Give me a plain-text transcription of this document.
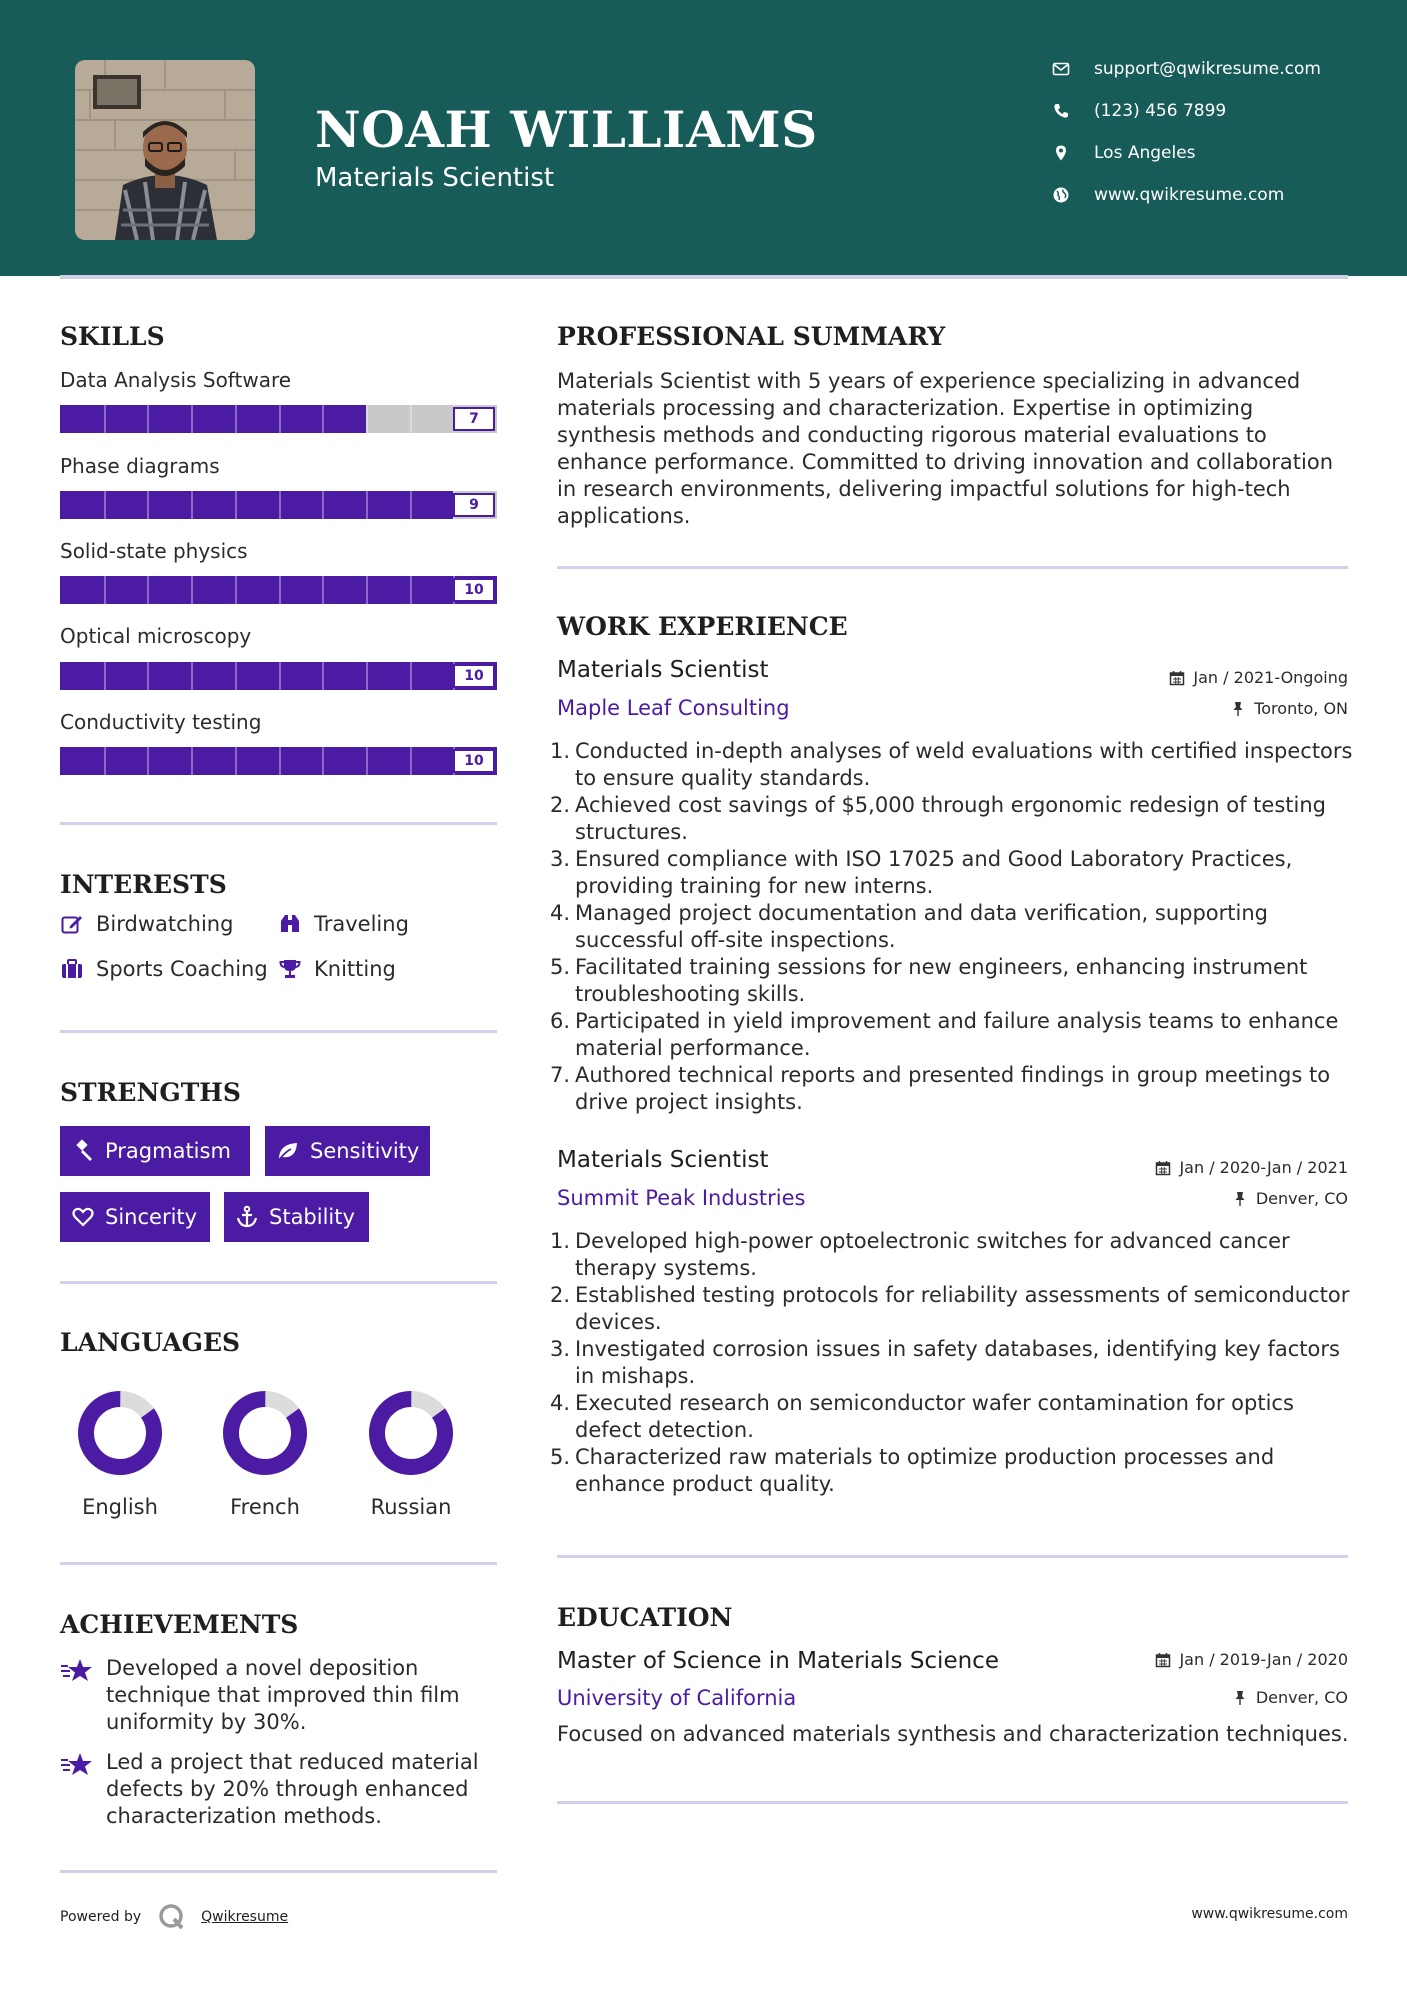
NOAH WILLIAMS
Materials Scientist
support@qwikresume.com
(123) 456 7899
Los Angeles
www.qwikresume.com
SKILLS
Data Analysis Software
7
Phase diagrams
9
Solid-state physics
10
Optical microscopy
10
Conductivity testing
10
INTERESTS
Birdwatching	Traveling
Sports Coaching Knitting
STRENGTHS
Pragmatism	Sensitivity
Sincerity	Stability
LANGUAGES
English	French	Russian
ACHIEVEMENTS
Developed a novel deposition technique that improved thin film uniformity by 30%.
Led a project that reduced material defects by 20% through enhanced characterization methods.
PROFESSIONAL SUMMARY
Materials Scientist with 5 years of experience specializing in advanced materials processing and characterization. Expertise in optimizing synthesis methods and conducting rigorous material evaluations to enhance performance. Committed to driving innovation and collaboration in research environments, delivering impactful solutions for high-tech applications.
WORK EXPERIENCE
Materials Scientist	Jan / 2021-Ongoing
Maple Leaf Consulting	Toronto, ON
1. Conducted in-depth analyses of weld evaluations with certified inspectors to ensure quality standards.
2. Achieved cost savings of $5,000 through ergonomic redesign of testing structures.
3. Ensured compliance with ISO 17025 and Good Laboratory Practices, providing training for new interns.
4. Managed project documentation and data verification, supporting successful off-site inspections.
5. Facilitated training sessions for new engineers, enhancing instrument troubleshooting skills.
6. Participated in yield improvement and failure analysis teams to enhance material performance.
7. Authored technical reports and presented findings in group meetings to drive project insights.
Materials Scientist	Jan / 2020-Jan / 2021
Summit Peak Industries	Denver, CO
1. Developed high-power optoelectronic switches for advanced cancer therapy systems.
2. Established testing protocols for reliability assessments of semiconductor devices.
3. Investigated corrosion issues in safety databases, identifying key factors in mishaps.
4. Executed research on semiconductor wafer contamination for optics defect detection.
5. Characterized raw materials to optimize production processes and enhance product quality.
EDUCATION
Master of Science in Materials Science	Jan / 2019-Jan / 2020
University of California	Denver, CO
Focused on advanced materials synthesis and characterization techniques.
Powered by	Qwikresume	www.qwikresume.com
